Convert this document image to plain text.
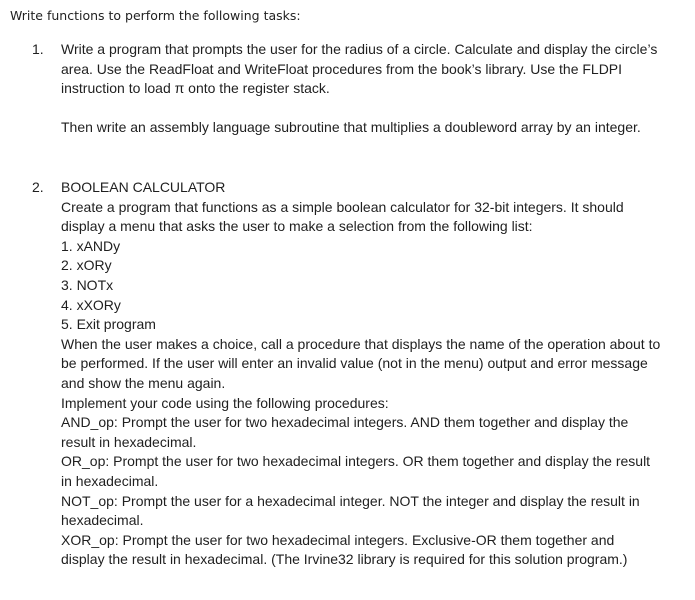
Write functions to perform the following tasks:
1.	Write a program that prompts the user for the radius of a circle. Calculate and display the circle’s area. Use the ReadFloat and WriteFloat procedures from the book’s library. Use the FLDPI instruction to load π onto the register stack.

Then write an assembly language subroutine that multiplies a doubleword array by an integer.

2.	BOOLEAN CALCULATOR

Create a program that functions as a simple boolean calculator for 32-bit integers. It should display a menu that asks the user to make a selection from the following list:

1. xANDy
2. xORy
3. NOTx
4. xXORy
5. Exit program

When the user makes a choice, call a procedure that displays the name of the operation about to be performed. If the user will enter an invalid value (not in the menu) output and error message and show the menu again.

Implement your code using the following procedures:

AND_op: Prompt the user for two hexadecimal integers. AND them together and display the result in hexadecimal.

OR_op: Prompt the user for two hexadecimal integers. OR them together and display the result in hexadecimal.

NOT_op: Prompt the user for a hexadecimal integer. NOT the integer and display the result in hexadecimal.

XOR_op: Prompt the user for two hexadecimal integers. Exclusive-OR them together and display the result in hexadecimal. (The Irvine32 library is required for this solution program.)
